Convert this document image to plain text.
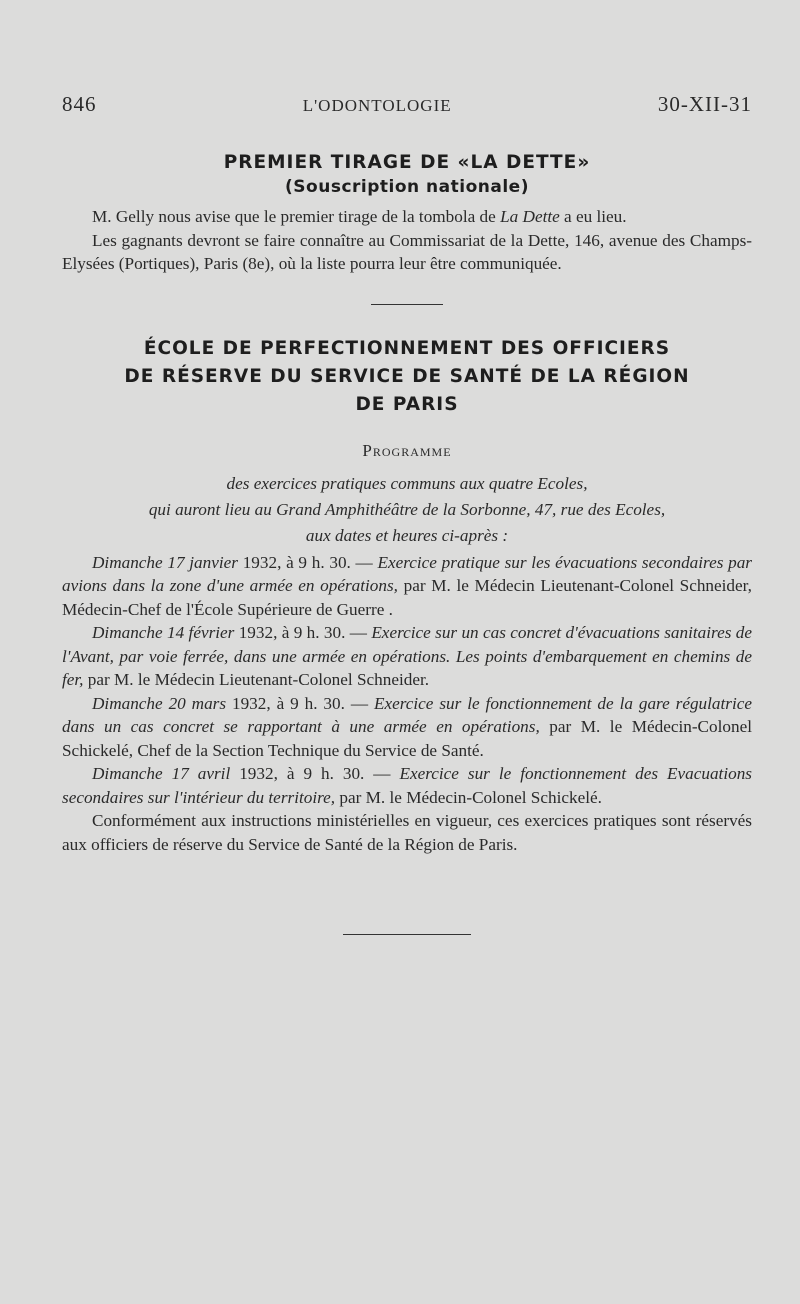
846	L'ODONTOLOGIE	30-XII-31
PREMIER TIRAGE DE «LA DETTE»
(Souscription nationale)

M. Gelly nous avise que le premier tirage de la tombola de La Dette a eu lieu.

Les gagnants devront se faire connaître au Commissariat de la Dette, 146, avenue des Champs-Elysées (Portiques), Paris (8e), où la liste pourra leur être communiquée.

ÉCOLE DE PERFECTIONNEMENT DES OFFICIERS
DE RÉSERVE DU SERVICE DE SANTÉ DE LA RÉGION
DE PARIS
Programme
des exercices pratiques communs aux quatre Ecoles,
qui auront lieu au Grand Amphithéâtre de la Sorbonne, 47, rue des Ecoles,
aux dates et heures ci-après :

Dimanche 17 janvier 1932, à 9 h. 30. — Exercice pratique sur les évacuations secondaires par avions dans la zone d'une armée en opérations, par M. le Médecin Lieutenant-Colonel Schneider, Médecin-Chef de l'École Supérieure de Guerre .

Dimanche 14 février 1932, à 9 h. 30. — Exercice sur un cas concret d'évacuations sanitaires de l'Avant, par voie ferrée, dans une armée en opérations. Les points d'embarquement en chemins de fer, par M. le Médecin Lieutenant-Colonel Schneider.

Dimanche 20 mars 1932, à 9 h. 30. — Exercice sur le fonctionnement de la gare régulatrice dans un cas concret se rapportant à une armée en opérations, par M. le Médecin-Colonel Schickelé, Chef de la Section Technique du Service de Santé.

Dimanche 17 avril 1932, à 9 h. 30. — Exercice sur le fonctionnement des Evacuations secondaires sur l'intérieur du territoire, par M. le Médecin-Colonel Schickelé.

Conformément aux instructions ministérielles en vigueur, ces exercices pratiques sont réservés aux officiers de réserve du Service de Santé de la Région de Paris.
